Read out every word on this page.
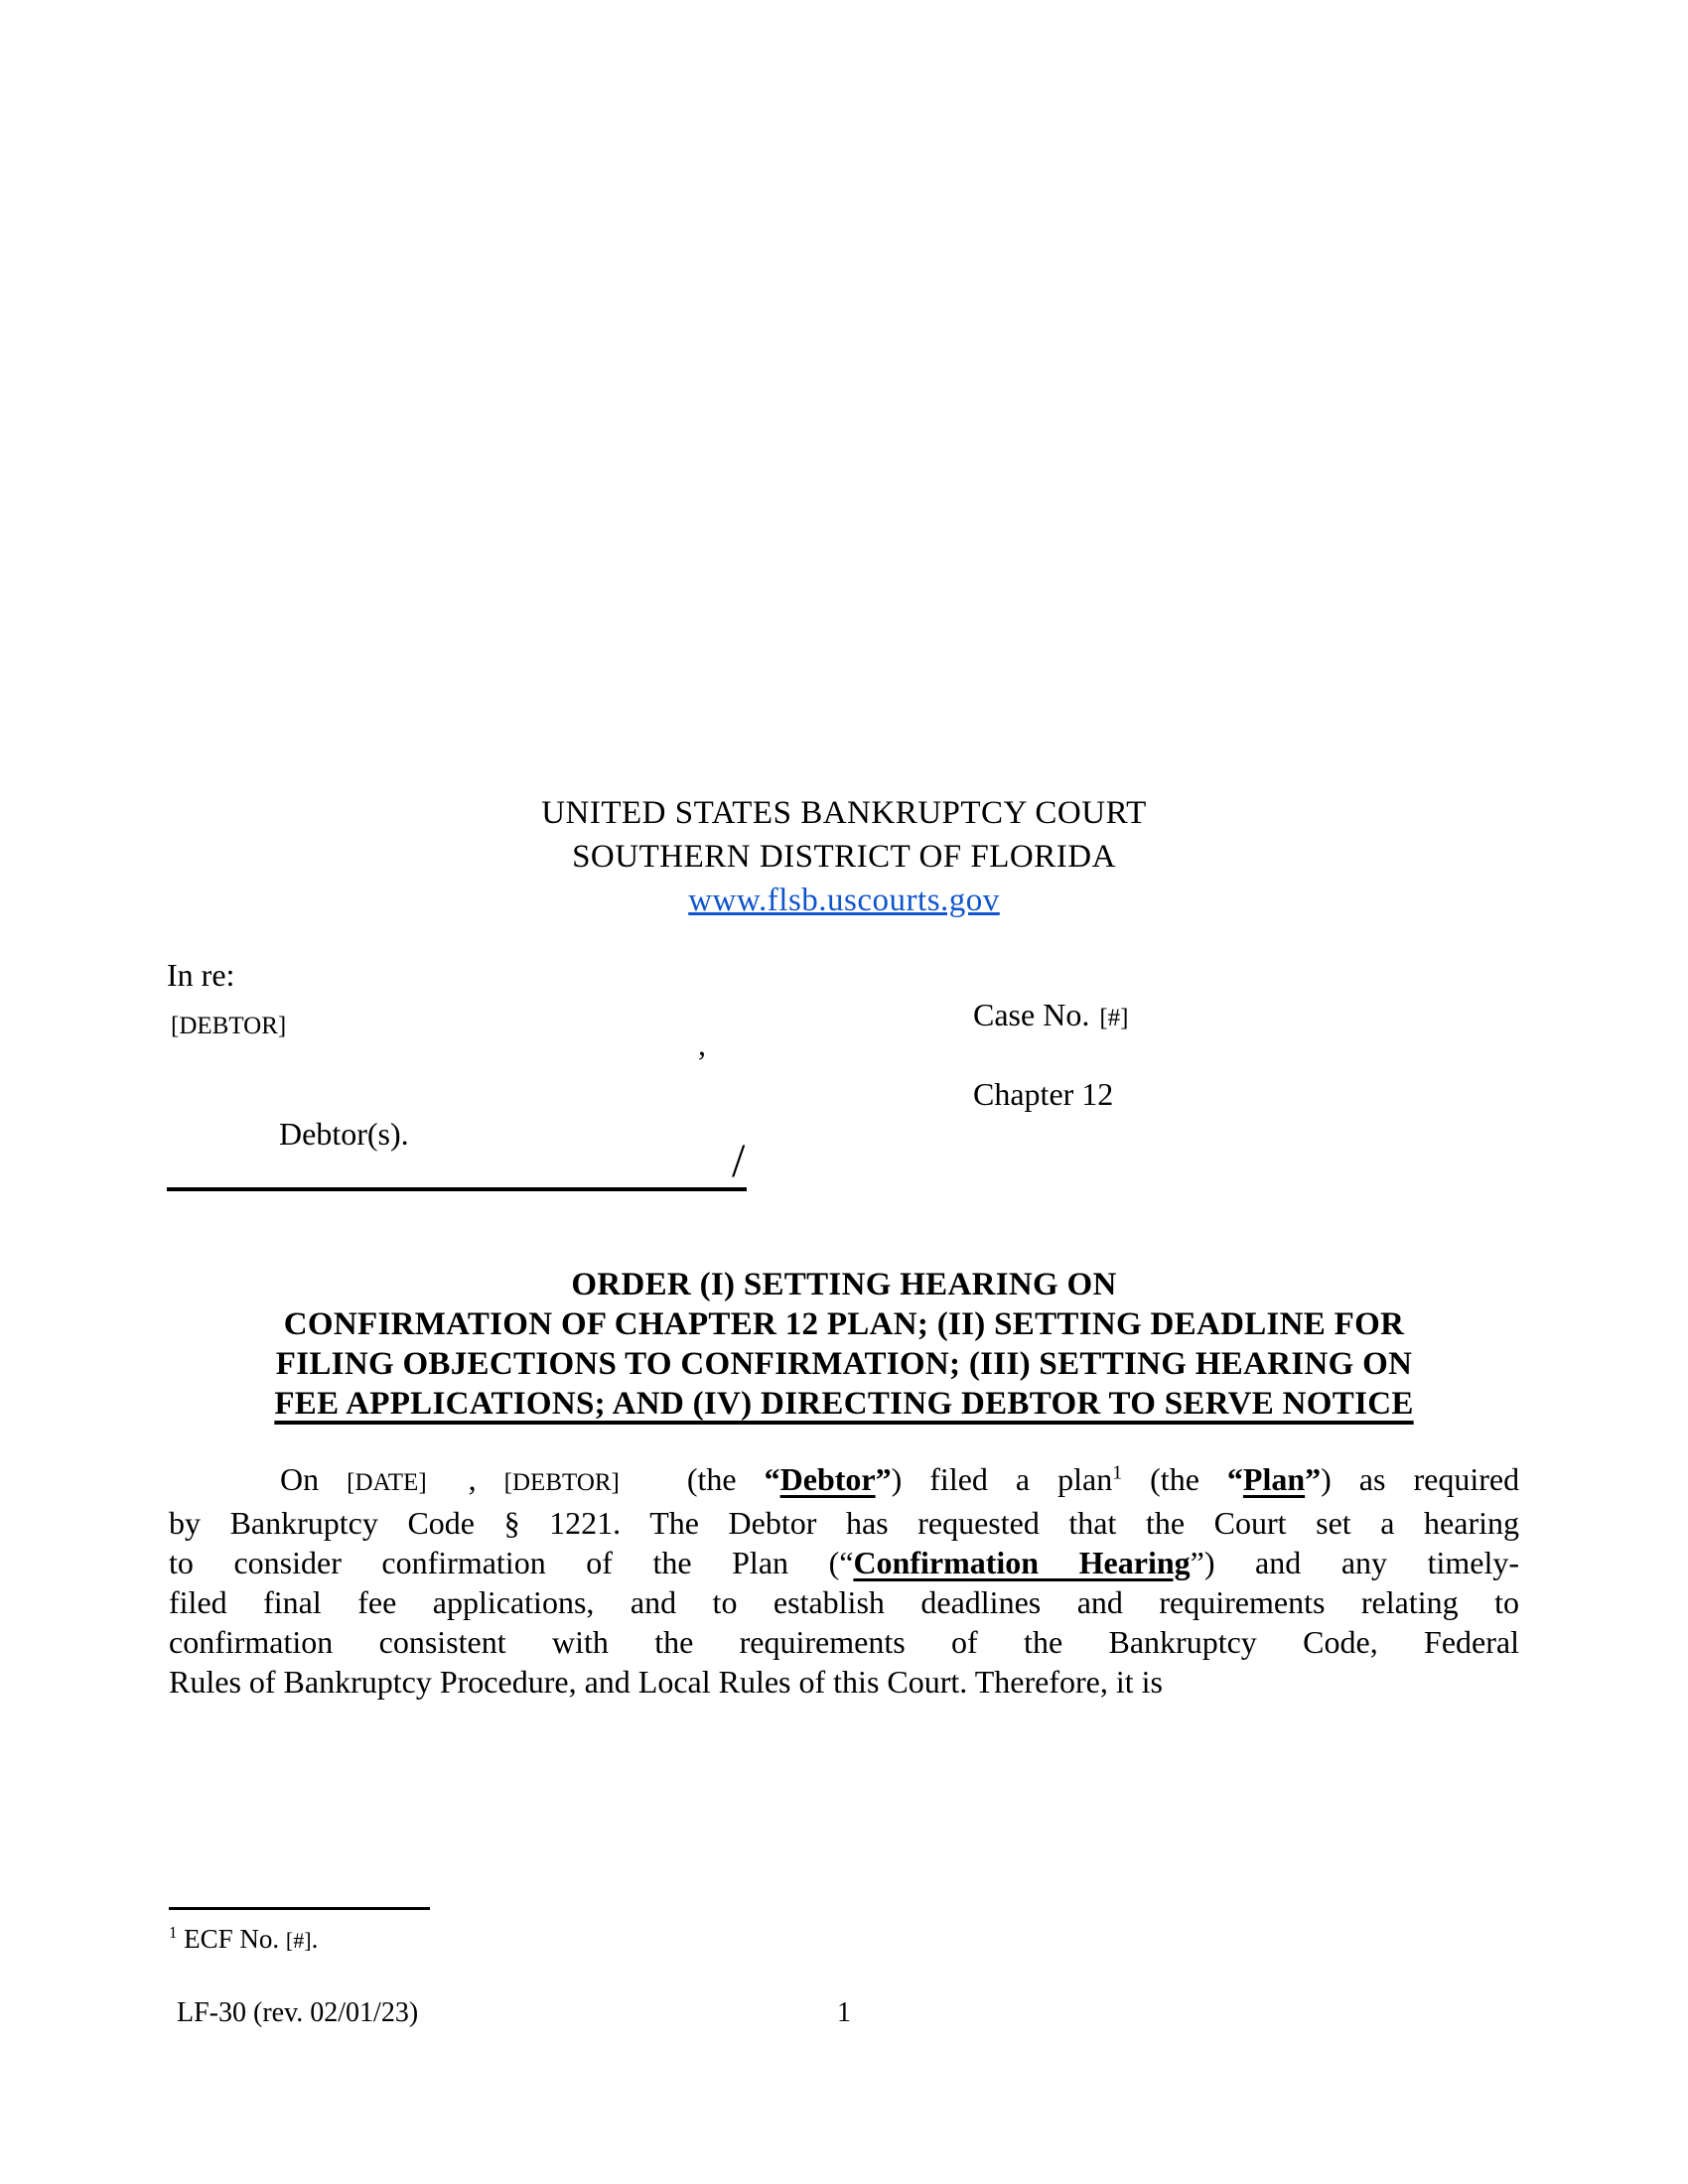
UNITED STATES BANKRUPTCY COURT
SOUTHERN DISTRICT OF FLORIDA
www.flsb.uscourts.gov
In re:
[DEBTOR]	Case No. [#]
,
Chapter 12
Debtor(s).
/
ORDER (I) SETTING HEARING ON
CONFIRMATION OF CHAPTER 12 PLAN; (II) SETTING DEADLINE FOR
FILING OBJECTIONS TO CONFIRMATION; (III) SETTING HEARING ON
FEE APPLICATIONS; AND (IV) DIRECTING DEBTOR TO SERVE NOTICE
On [DATE] , [DEBTOR] (the “Debtor”) filed a plan$^1$ (the “Plan”) as required
by Bankruptcy Code § 1221. The Debtor has requested that the Court set a hearing
to consider confirmation of the Plan (“Confirmation Hearing”) and any timely-
filed final fee applications, and to establish deadlines and requirements relating to
confirmation consistent with the requirements of the Bankruptcy Code, Federal
Rules of Bankruptcy Procedure, and Local Rules of this Court. Therefore, it is
$^1$ ECF No. [#].
LF-30 (rev. 02/01/23)	1
